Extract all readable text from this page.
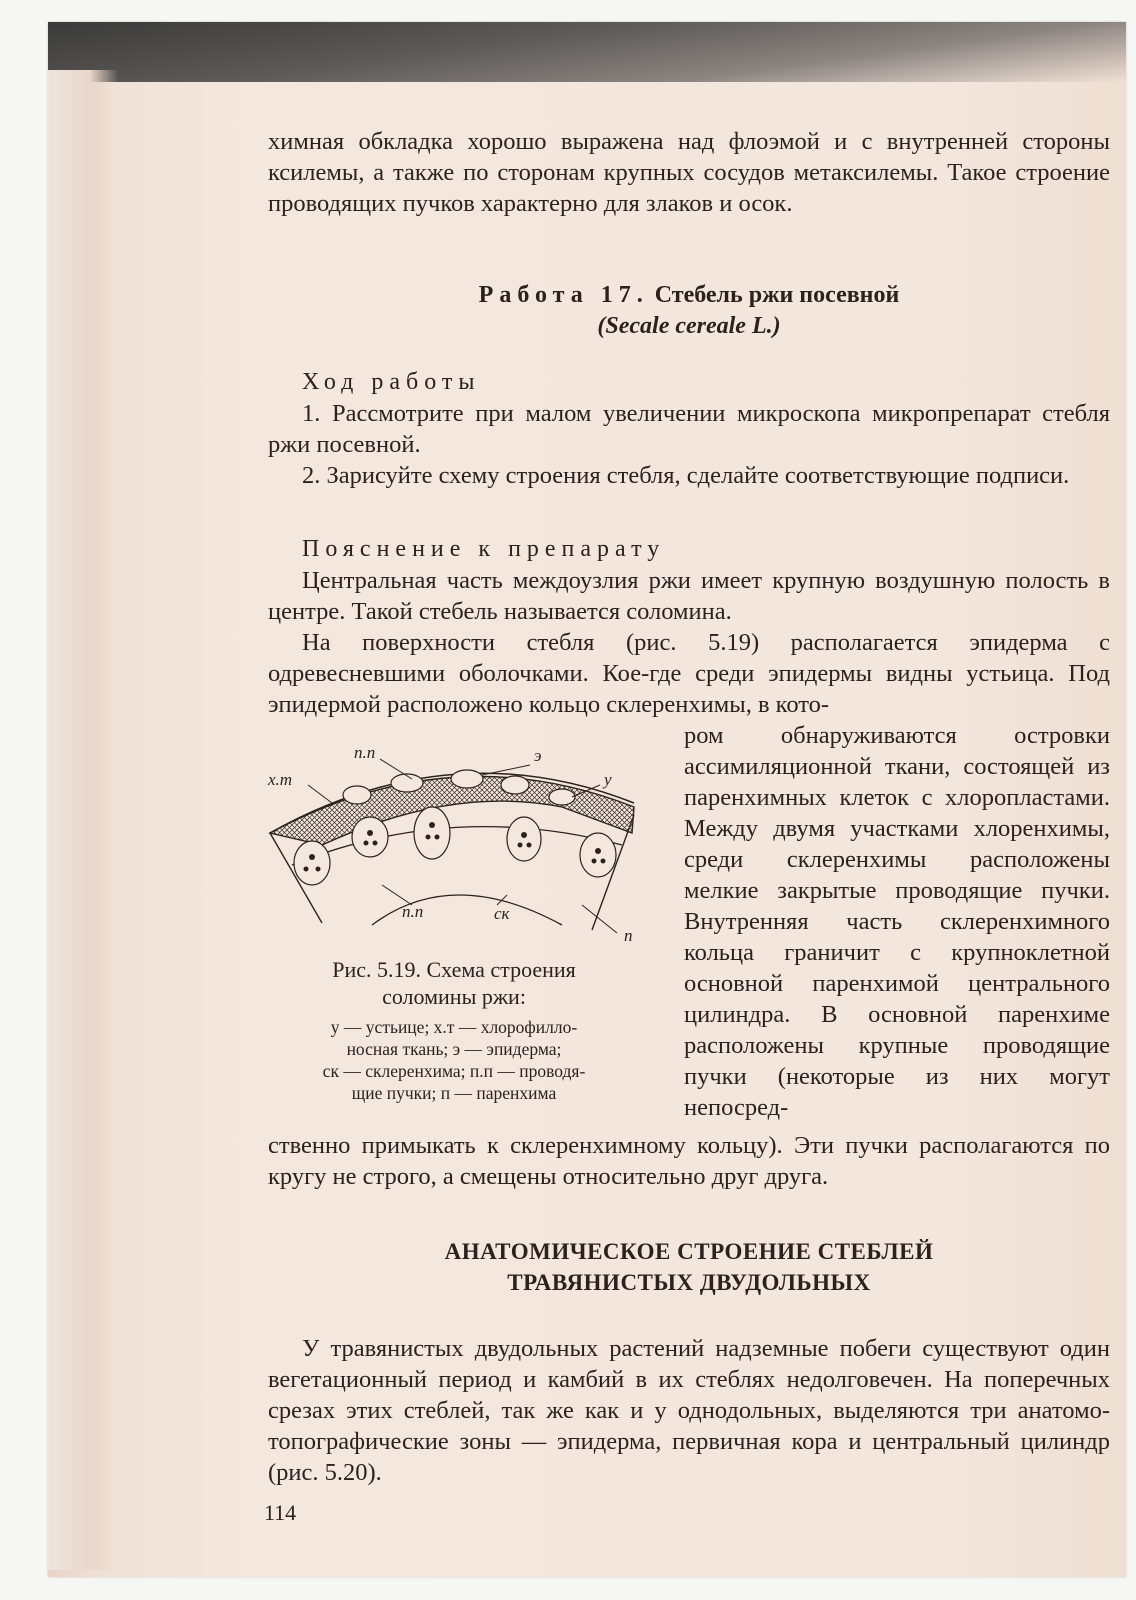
химная обкладка хорошо выражена над флоэмой и с внутренней стороны ксилемы, а также по сторонам крупных сосудов метаксилемы. Такое строение проводящих пучков характерно для злаков и осок.

Работа 17. Стебель ржи посевной
(Secale cereale L.)

Ход работы

1. Рассмотрите при малом увеличении микроскопа микропрепарат стебля ржи посевной.

2. Зарисуйте схему строения стебля, сделайте соответствующие подписи.

Пояснение к препарату

Центральная часть междоузлия ржи имеет крупную воздушную полость в центре. Такой стебель называется соломина.

На поверхности стебля (рис. 5.19) располагается эпидерма с одревесневшими оболочками. Кое-где среди эпидермы видны устьица. Под эпидермой расположено кольцо склеренхимы, в кото-

п.п	э
х.т	у
п.п	ск
п
Рис. 5.19. Схема строения
соломины ржи:
у — устьице; х.т — хлорофилло-
носная ткань; э — эпидерма;
ск — склеренхима; п.п — проводя-
щие пучки; п — паренхима

ром обнаруживаются островки ассимиляционной ткани, состоящей из паренхимных клеток с хлоропластами. Между двумя участками хлоренхимы, среди склеренхимы расположены мелкие закрытые проводящие пучки. Внутренняя часть склеренхимного кольца граничит с крупноклетной основной паренхимой центрального цилиндра. В основной паренхиме расположены крупные проводящие пучки (некоторые из них могут непосред-

ственно примыкать к склеренхимному кольцу). Эти пучки располагаются по кругу не строго, а смещены относительно друг друга.

АНАТОМИЧЕСКОЕ СТРОЕНИЕ СТЕБЛЕЙ
ТРАВЯНИСТЫХ ДВУДОЛЬНЫХ

У травянистых двудольных растений надземные побеги существуют один вегетационный период и камбий в их стеблях недолговечен. На поперечных срезах этих стеблей, так же как и у однодольных, выделяются три анатомо-топографические зоны — эпидерма, первичная кора и центральный цилиндр (рис. 5.20).

114
